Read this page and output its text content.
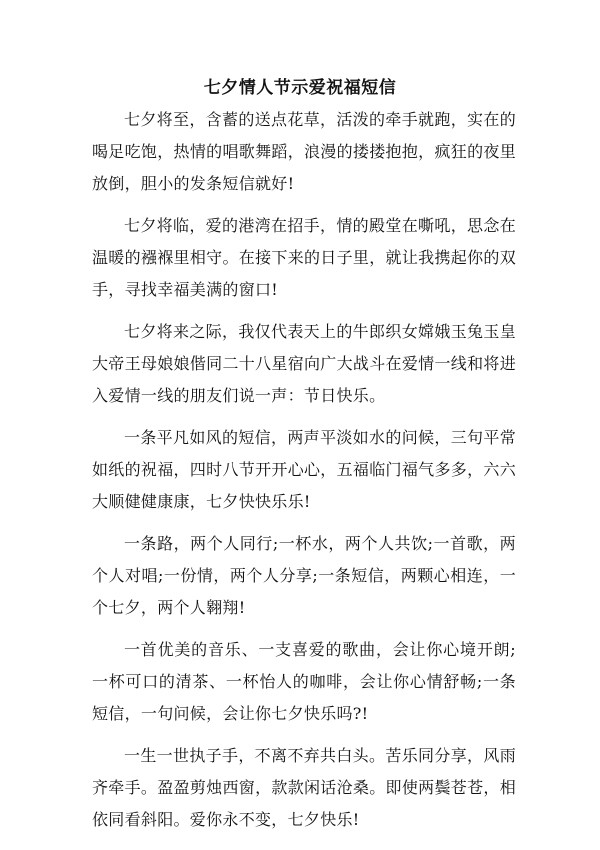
七夕情人节示爱祝福短信

七夕将至，含蓄的送点花草，活泼的牵手就跑，实在的喝足吃饱，热情的唱歌舞蹈，浪漫的搂搂抱抱，疯狂的夜里放倒，胆小的发条短信就好!

七夕将临，爱的港湾在招手，情的殿堂在嘶吼，思念在温暖的襁褓里相守。在接下来的日子里，就让我携起你的双手，寻找幸福美满的窗口!

七夕将来之际，我仅代表天上的牛郎织女嫦娥玉兔玉皇大帝王母娘娘偕同二十八星宿向广大战斗在爱情一线和将进入爱情一线的朋友们说一声：节日快乐。

一条平凡如风的短信，两声平淡如水的问候，三句平常如纸的祝福，四时八节开开心心，五福临门福气多多，六六大顺健健康康，七夕快快乐乐!

一条路，两个人同行;一杯水，两个人共饮;一首歌，两个人对唱;一份情，两个人分享;一条短信，两颗心相连，一个七夕，两个人翱翔!

一首优美的音乐、一支喜爱的歌曲，会让你心境开朗;一杯可口的清茶、一杯怡人的咖啡，会让你心情舒畅;一条短信，一句问候，会让你七夕快乐吗?!

一生一世执子手，不离不弃共白头。苦乐同分享，风雨齐牵手。盈盈剪烛西窗，款款闲话沧桑。即使两鬓苍苍，相依同看斜阳。爱你永不变，七夕快乐!
